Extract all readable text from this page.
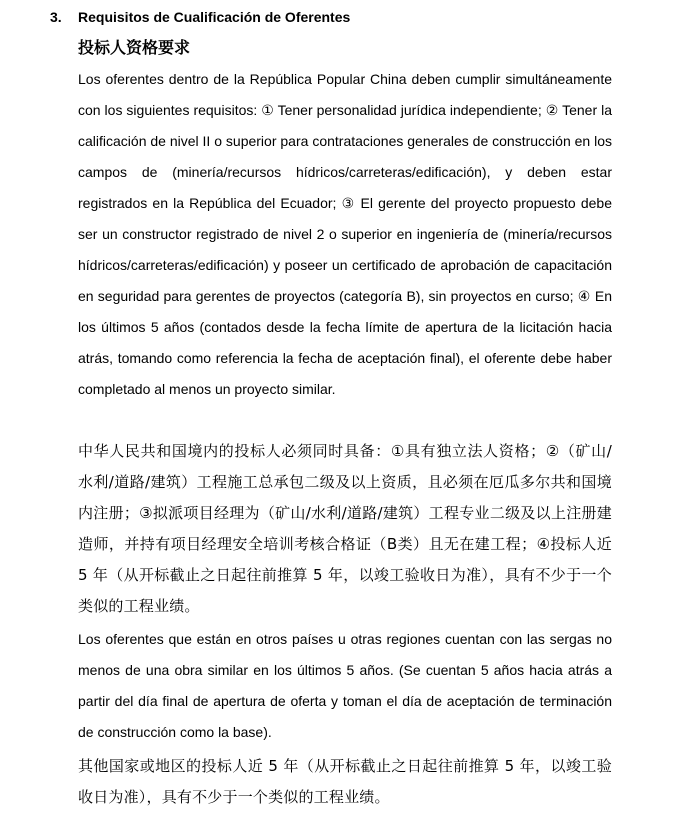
3. Requisitos de Cualificación de Oferentes
投标人资格要求

Los oferentes dentro de la República Popular China deben cumplir simultáneamente con los siguientes requisitos: ① Tener personalidad jurídica independiente; ② Tener la calificación de nivel II o superior para contrataciones generales de construcción en los campos de (minería/recursos hídricos/carreteras/edificación), y deben estar registrados en la República del Ecuador; ③ El gerente del proyecto propuesto debe ser un constructor registrado de nivel 2 o superior en ingeniería de (minería/recursos hídricos/carreteras/edificación) y poseer un certificado de aprobación de capacitación en seguridad para gerentes de proyectos (categoría B), sin proyectos en curso; ④ En los últimos 5 años (contados desde la fecha límite de apertura de la licitación hacia atrás, tomando como referencia la fecha de aceptación final), el oferente debe haber completado al menos un proyecto similar.

中华人民共和国境内的投标人必须同时具备：①具有独立法人资格；②（矿山/水利/道路/建筑）工程施工总承包二级及以上资质，且必须在厄瓜多尔共和国境内注册；③拟派项目经理为（矿山/水利/道路/建筑）工程专业二级及以上注册建造师，并持有项目经理安全培训考核合格证（B类）且无在建工程；④投标人近 5 年（从开标截止之日起往前推算 5 年，以竣工验收日为准），具有不少于一个类似的工程业绩。

Los oferentes que están en otros países u otras regiones cuentan con las sergas no menos de una obra similar en los últimos 5 años. (Se cuentan 5 años hacia atrás a partir del día final de apertura de oferta y toman el día de aceptación de terminación de construcción como la base).

其他国家或地区的投标人近 5 年（从开标截止之日起往前推算 5 年，以竣工验收日为准），具有不少于一个类似的工程业绩。
